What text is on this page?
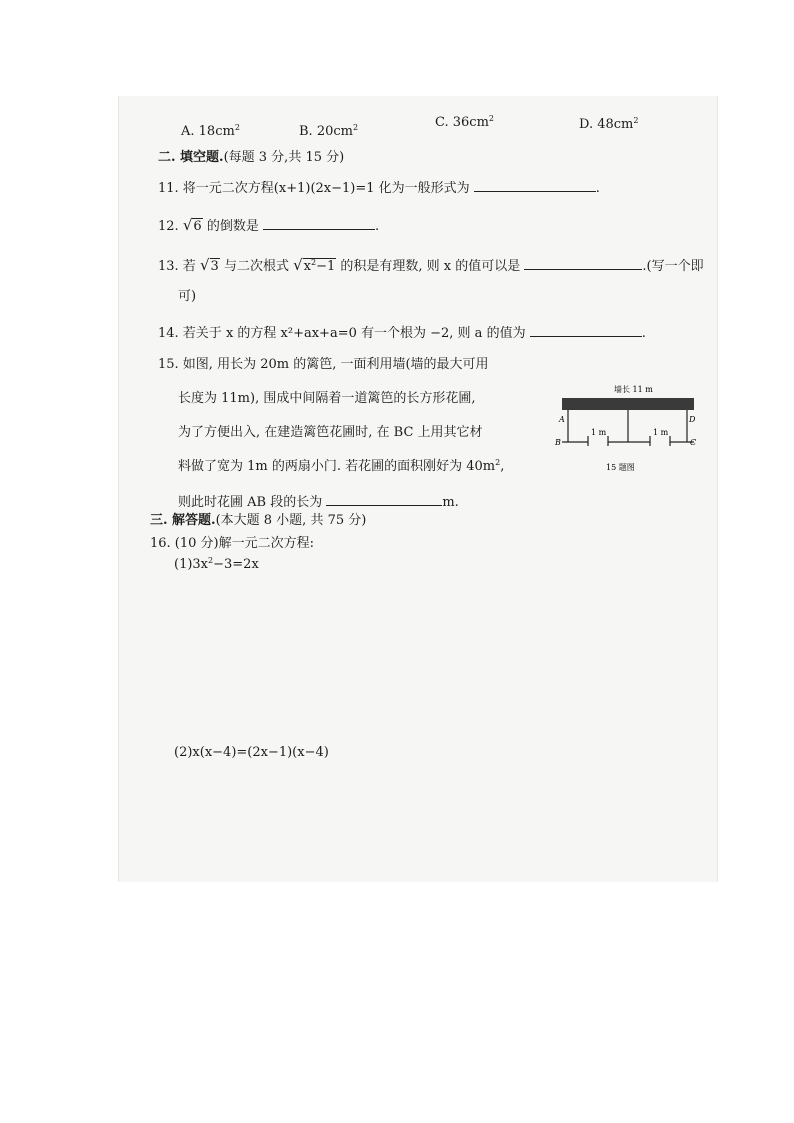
A. $18cm^2$	B. $20cm^2$	C. $36cm^2$	D. $48cm^2$
二. 填空题.(每题 3 分,共 15 分)
11. 将一元二次方程(x+1)(2x−1)=1 化为一般形式为	.
12. √6 的倒数是	.
13. 若 √3 与二次根式 $√x^2-1$ 的积是有理数, 则 x 的值可以是	.(写一个即
可)
14. 若关于 x 的方程 x²+ax+a=0 有一个根为 −2, 则 a 的值为	.
15. 如图, 用长为 20m 的篱笆, 一面利用墙(墙的最大可用
长度为 11m), 围成中间隔着一道篱笆的长方形花圃,
为了方便出入, 在建造篱笆花圃时, 在 BC 上用其它材
料做了宽为 1m 的两扇小门. 若花圃的面积刚好为 $40m^2$,
则此时花圃 AB 段的长为	m.
墙长 11 m
1 m	1 m
A
B
D
C
15 题图
三. 解答题.(本大题 8 小题, 共 75 分)
16. (10 分)解一元二次方程:
$(1)3x^2-3=2x$
(2)x(x−4)=(2x−1)(x−4)
